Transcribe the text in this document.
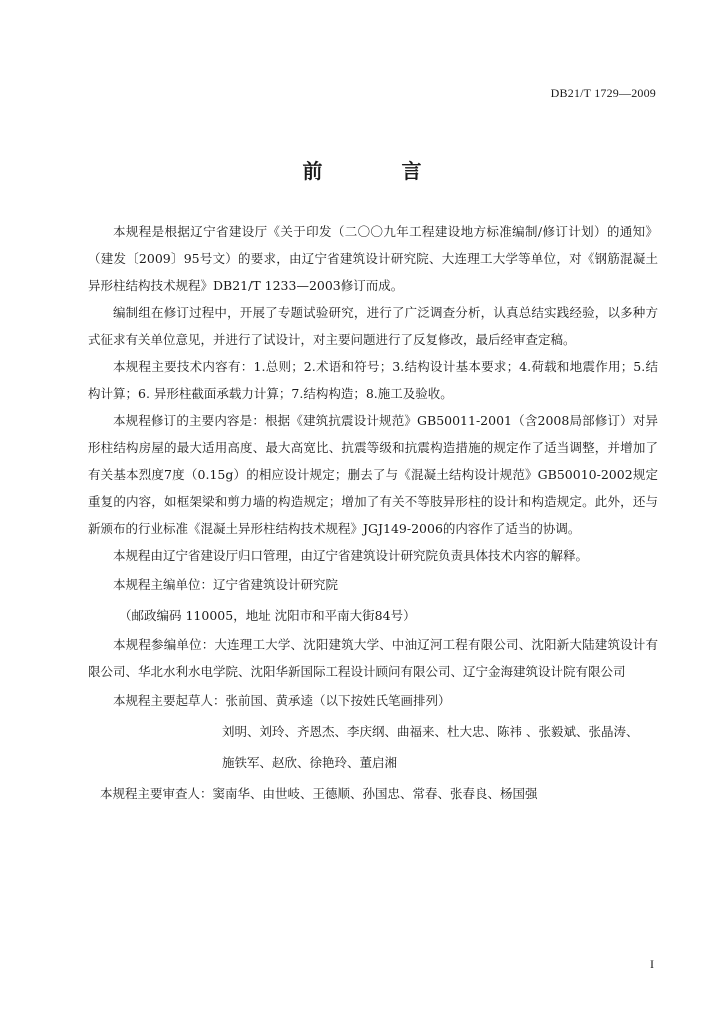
DB21/T 1729—2009
前 言

本规程是根据辽宁省建设厅《关于印发（二〇〇九年工程建设地方标准编制/修订计划）的通知》（建发〔2009〕95号文）的要求，由辽宁省建筑设计研究院、大连理工大学等单位，对《钢筋混凝土异形柱结构技术规程》DB21/T 1233—2003修订而成。

编制组在修订过程中，开展了专题试验研究，进行了广泛调查分析，认真总结实践经验，以多种方式征求有关单位意见，并进行了试设计，对主要问题进行了反复修改，最后经审查定稿。

本规程主要技术内容有：1.总则；2.术语和符号；3.结构设计基本要求；4.荷载和地震作用；5.结构计算；6. 异形柱截面承载力计算；7.结构构造；8.施工及验收。

本规程修订的主要内容是：根据《建筑抗震设计规范》GB50011-2001（含2008局部修订）对异形柱结构房屋的最大适用高度、最大高宽比、抗震等级和抗震构造措施的规定作了适当调整，并增加了有关基本烈度7度（0.15g）的相应设计规定；删去了与《混凝土结构设计规范》GB50010-2002规定重复的内容，如框架梁和剪力墙的构造规定；增加了有关不等肢异形柱的设计和构造规定。此外，还与新颁布的行业标准《混凝土异形柱结构技术规程》JGJ149-2006的内容作了适当的协调。

本规程由辽宁省建设厅归口管理，由辽宁省建筑设计研究院负责具体技术内容的解释。

本规程主编单位：辽宁省建筑设计研究院

（邮政编码 110005，地址 沈阳市和平南大街84号）

本规程参编单位：大连理工大学、沈阳建筑大学、中油辽河工程有限公司、沈阳新大陆建筑设计有限公司、华北水利水电学院、沈阳华新国际工程设计顾问有限公司、辽宁金海建筑设计院有限公司

本规程主要起草人：张前国、黄承逵（以下按姓氏笔画排列）

刘明、刘玲、齐恩杰、李庆纲、曲福来、杜大忠、陈祎 、张毅斌、张晶涛、

施铁军、赵欣、徐艳玲、董启湘

本规程主要审查人：窦南华、由世岐、王德顺、孙国忠、常春、张春良、杨国强

I
